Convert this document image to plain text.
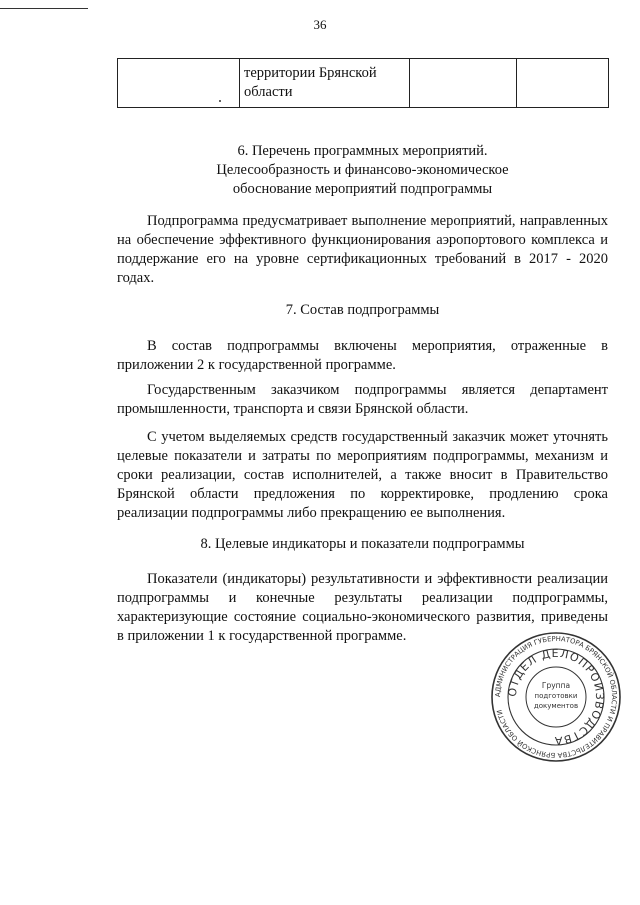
36
	территории Брянской области		
6. Перечень программных мероприятий.
Целесообразность и финансово-экономическое
обоснование мероприятий подпрограммы

Подпрограмма предусматривает выполнение мероприятий, направленных на обеспечение эффективного функционирования аэропортового комплекса и поддержание его на уровне сертификационных требований в 2017 - 2020 годах.

7. Состав подпрограммы

В состав подпрограммы включены мероприятия, отраженные в приложении 2 к государственной программе.

Государственным заказчиком подпрограммы является департамент промышленности, транспорта и связи Брянской области.

С учетом выделяемых средств государственный заказчик может уточнять целевые показатели и затраты по мероприятиям подпрограммы, механизм и сроки реализации, состав исполнителей, а также вносит в Правительство Брянской области предложения по корректировке, продлению срока реализации подпрограммы либо прекращению ее выполнения.

8. Целевые индикаторы и показатели подпрограммы

Показатели (индикаторы) результативности и эффективности реализации подпрограммы и конечные результаты реализации подпрограммы, характеризующие состояние социально-экономического развития, приведены в приложении 1 к государственной программе.

АДМИНИСТРАЦИЯ ГУБЕРНАТОРА БРЯНСКОЙ ОБЛАСТИ И ПРАВИТЕЛЬСТВА БРЯНСКОЙ ОБЛАСТИ
ОТДЕЛ ДЕЛОПРОИЗВОДСТВА
Группа
подготовки
документов
